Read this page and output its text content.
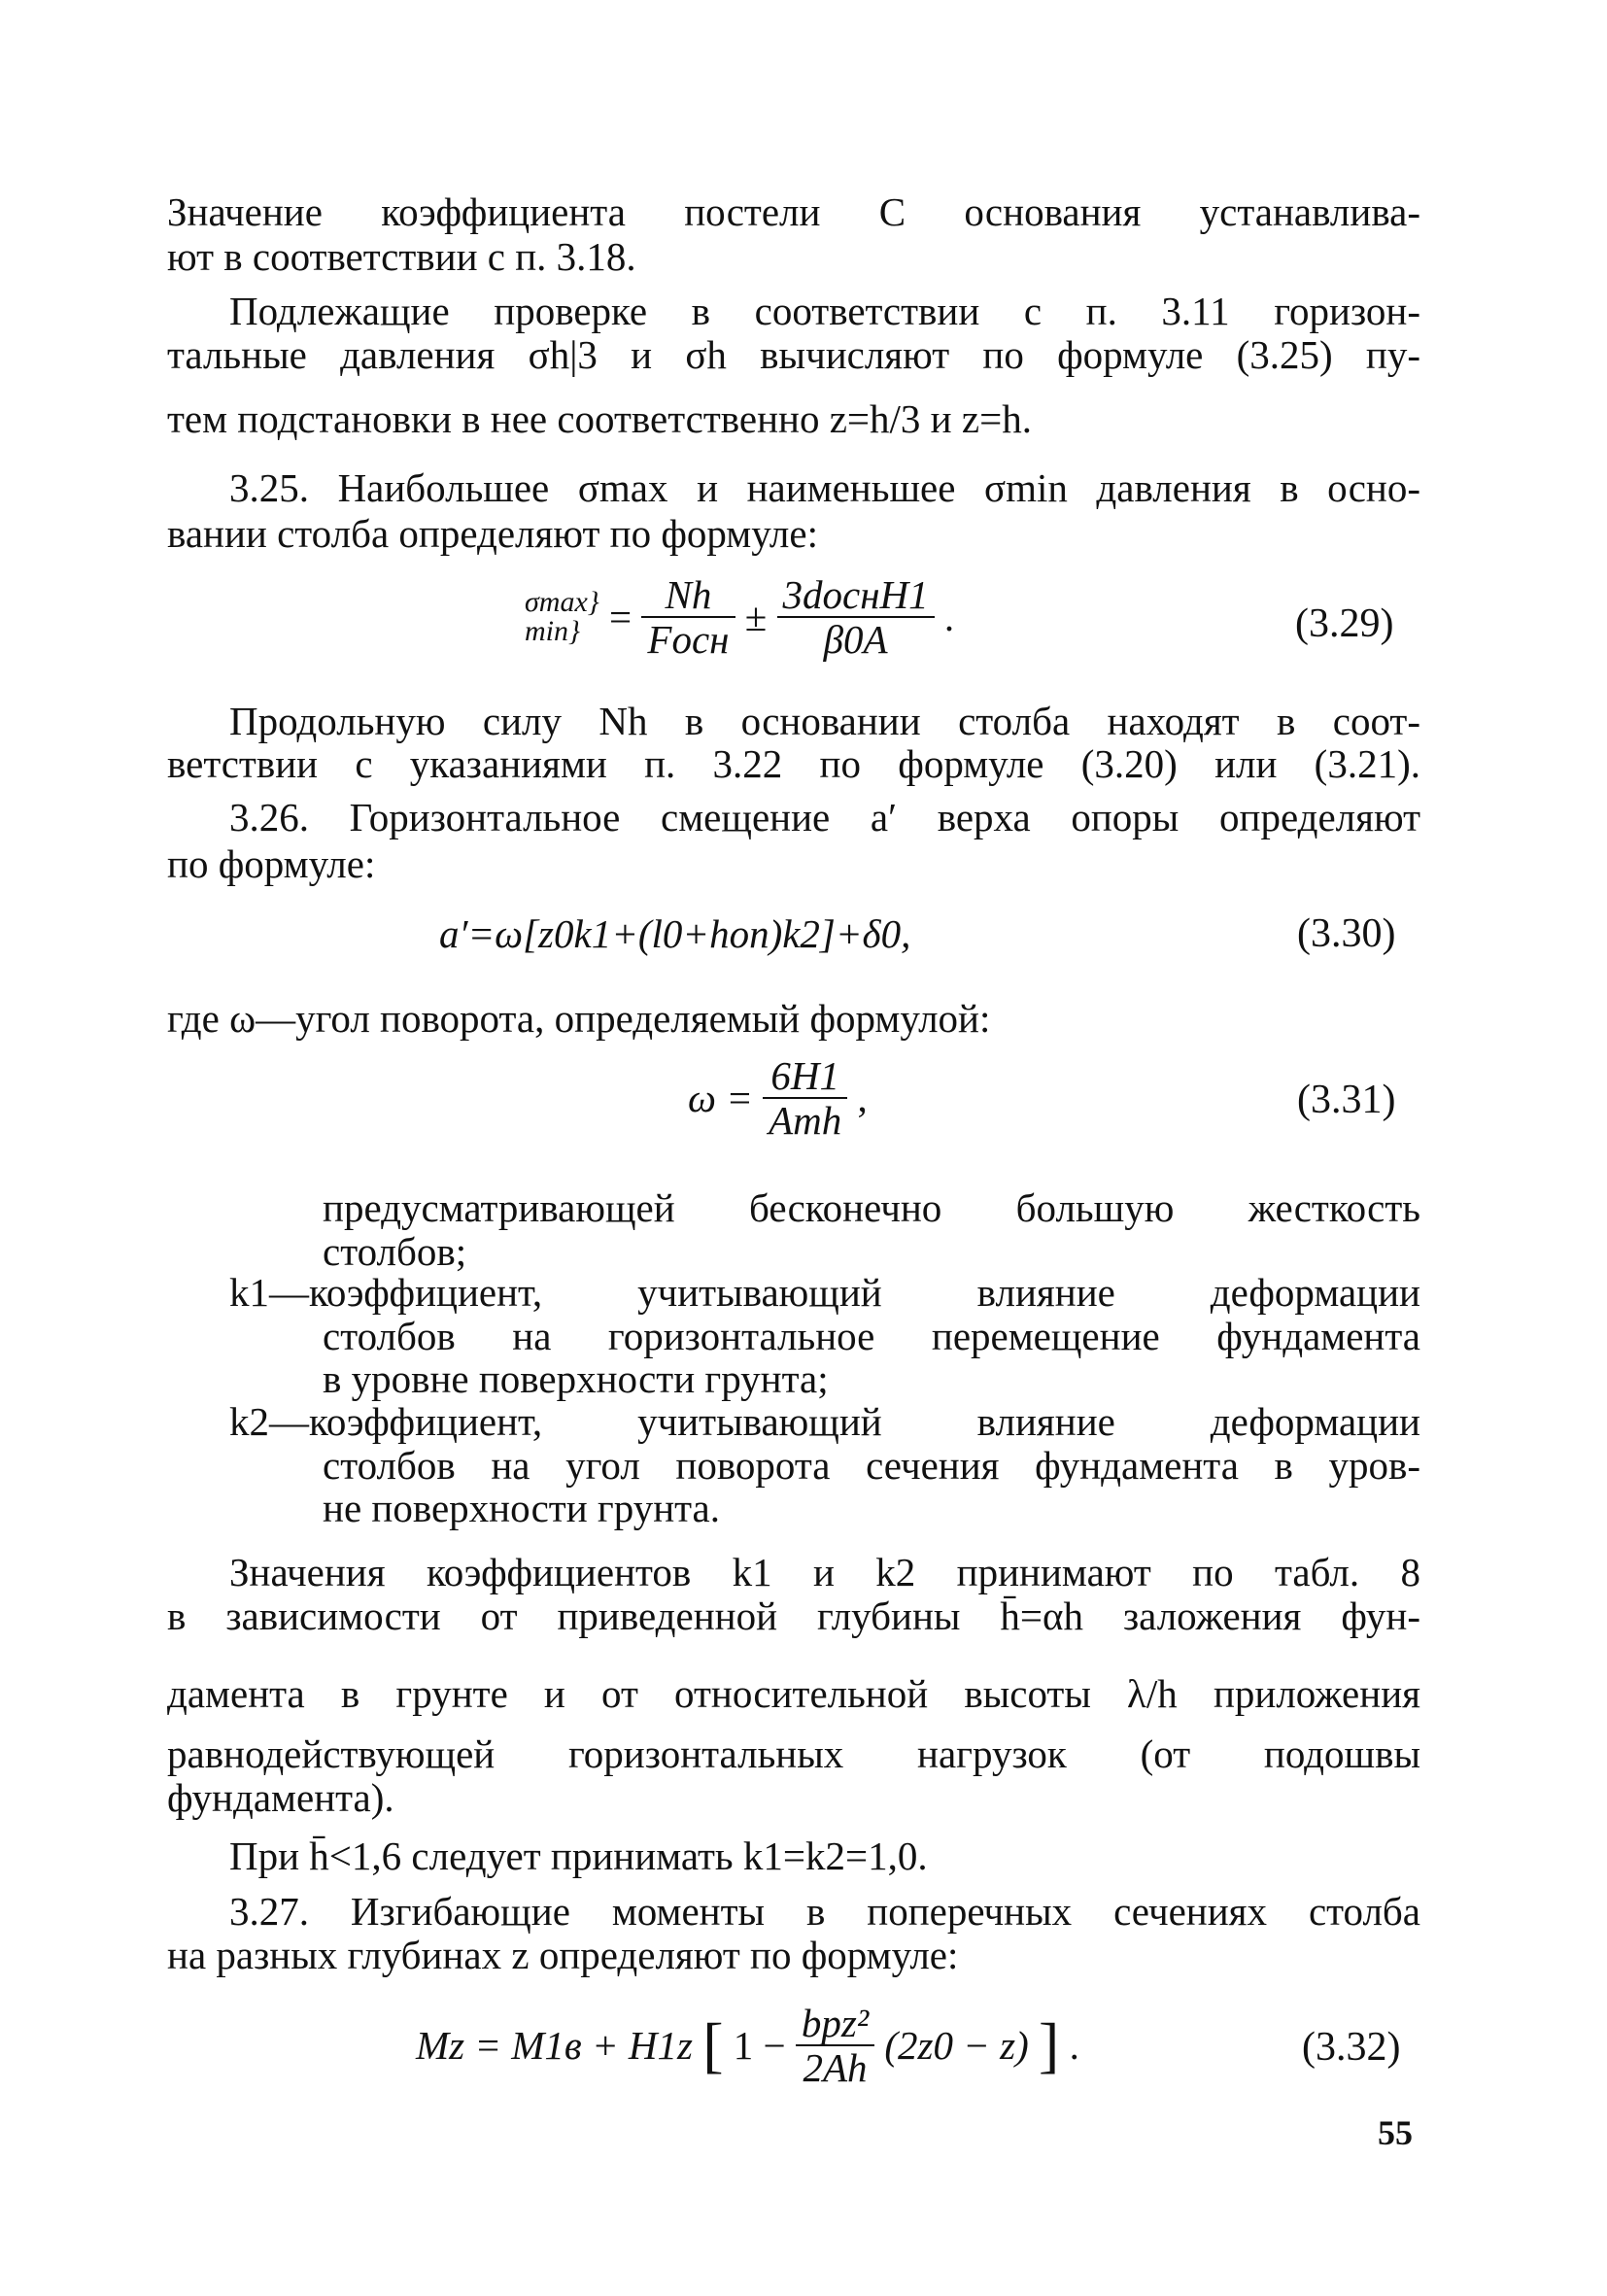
Значение коэффициента постели C основания устанавлива-
ют в соответствии с п. 3.18.
Подлежащие проверке в соответствии с п. 3.11 горизон-
тальные давления σh|3 и σh вычисляют по формуле (3.25) пу-
тем подстановки в нее соответственно z=h/3 и z=h.
3.25. Наибольшее σmax и наименьшее σmin давления в осно-
вании столба определяют по формуле:
σmax}
$\min\} = \frac{Nh}{\text{Fосн}} \pm \frac{\text{3dоснH1}}{\beta 0A}$ .	(3.29)
Продольную силу Nh в основании столба находят в соот-
ветствии с указаниями п. 3.22 по формуле (3.20) или (3.21).
3.26. Горизонтальное смещение a′ верха опоры определяют
по формуле:
a′=ω[z0k1+(l0+hоп)k2]+δ0,	(3.30)
где ω—угол поворота, определяемый формулой:
$\omega = \frac{6H1}{\text{Amh}}$ ,	(3.31)
предусматривающей бесконечно большую жесткость
столбов;
k1—коэффициент, учитывающий влияние деформации
столбов на горизонтальное перемещение фундамента
в уровне поверхности грунта;
k2—коэффициент, учитывающий влияние деформации
столбов на угол поворота сечения фундамента в уров-
не поверхности грунта.
Значения коэффициентов k1 и k2 принимают по табл. 8
в зависимости от приведенной глубины h̄=αh заложения фун-
дамента в грунте и от относительной высоты λ/h приложения
равнодействующей горизонтальных нагрузок (от подошвы
фундамента).
При h̄<1,6 следует принимать k1=k2=1,0.
3.27. Изгибающие моменты в поперечных сечениях столба
на разных глубинах z определяют по формуле:
Mz = M1в + H1z [ $1 - \frac{\text{bpz²}}{2Ah} (2z0 - z)$ ] .	(3.32)
55
